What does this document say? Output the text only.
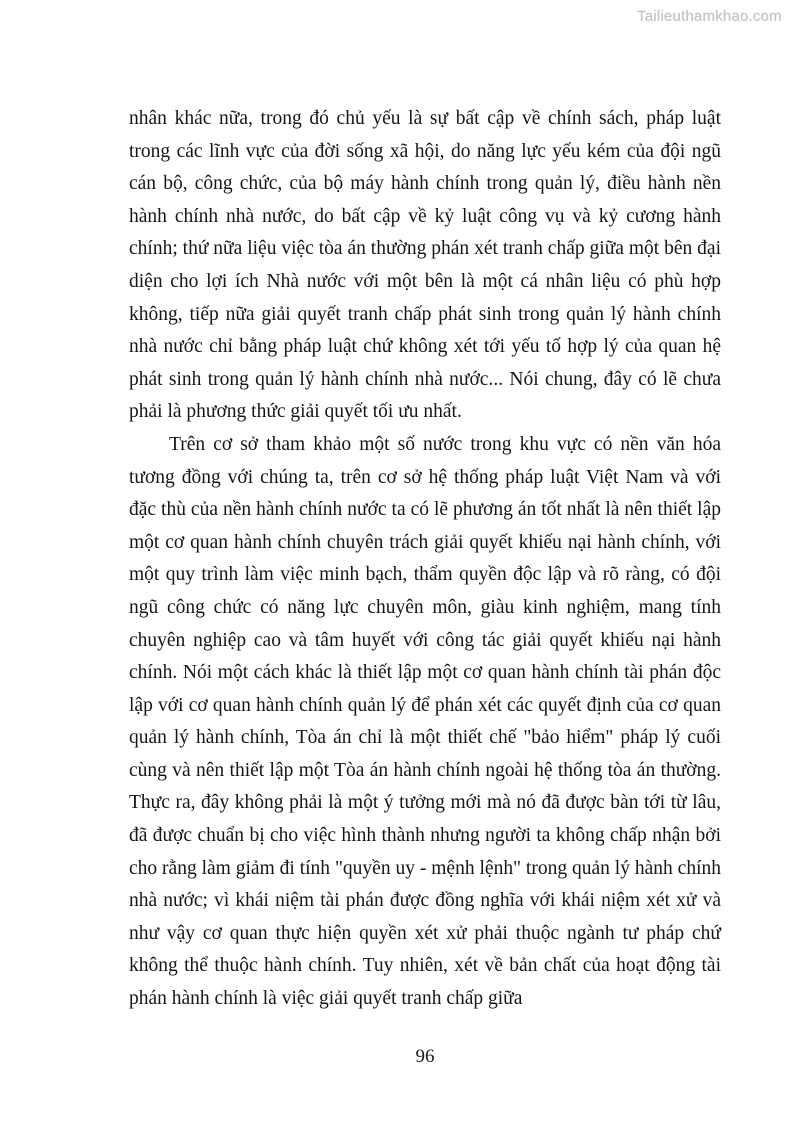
Tailieuthamkhao.com

nhân khác nữa, trong đó chủ yếu là sự bất cập về chính sách, pháp luật trong các lĩnh vực của đời sống xã hội, do năng lực yếu kém của đội ngũ cán bộ, công chức, của bộ máy hành chính trong quản lý, điều hành nền hành chính nhà nước, do bất cập về kỷ luật công vụ và kỷ cương hành chính; thứ nữa liệu việc tòa án thường phán xét tranh chấp giữa một bên đại diện cho lợi ích Nhà nước với một bên là một cá nhân liệu có phù hợp không, tiếp nữa giải quyết tranh chấp phát sinh trong quản lý hành chính nhà nước chỉ bằng pháp luật chứ không xét tới yếu tố hợp lý của quan hệ phát sinh trong quản lý hành chính nhà nước... Nói chung, đây có lẽ chưa phải là phương thức giải quyết tối ưu nhất.

Trên cơ sở tham khảo một số nước trong khu vực có nền văn hóa tương đồng với chúng ta, trên cơ sở hệ thống pháp luật Việt Nam và với đặc thù của nền hành chính nước ta có lẽ phương án tốt nhất là nên thiết lập một cơ quan hành chính chuyên trách giải quyết khiếu nại hành chính, với một quy trình làm việc minh bạch, thẩm quyền độc lập và rõ ràng, có đội ngũ công chức có năng lực chuyên môn, giàu kinh nghiệm, mang tính chuyên nghiệp cao và tâm huyết với công tác giải quyết khiếu nại hành chính. Nói một cách khác là thiết lập một cơ quan hành chính tài phán độc lập với cơ quan hành chính quản lý để phán xét các quyết định của cơ quan quản lý hành chính, Tòa án chỉ là một thiết chế "bảo hiểm" pháp lý cuối cùng và nên thiết lập một Tòa án hành chính ngoài hệ thống tòa án thường. Thực ra, đây không phải là một ý tưởng mới mà nó đã được bàn tới từ lâu, đã được chuẩn bị cho việc hình thành nhưng người ta không chấp nhận bởi cho rằng làm giảm đi tính "quyền uy - mệnh lệnh" trong quản lý hành chính nhà nước; vì khái niệm tài phán được đồng nghĩa với khái niệm xét xử và như vậy cơ quan thực hiện quyền xét xử phải thuộc ngành tư pháp chứ không thể thuộc hành chính. Tuy nhiên, xét về bản chất của hoạt động tài phán hành chính là việc giải quyết tranh chấp giữa

96
